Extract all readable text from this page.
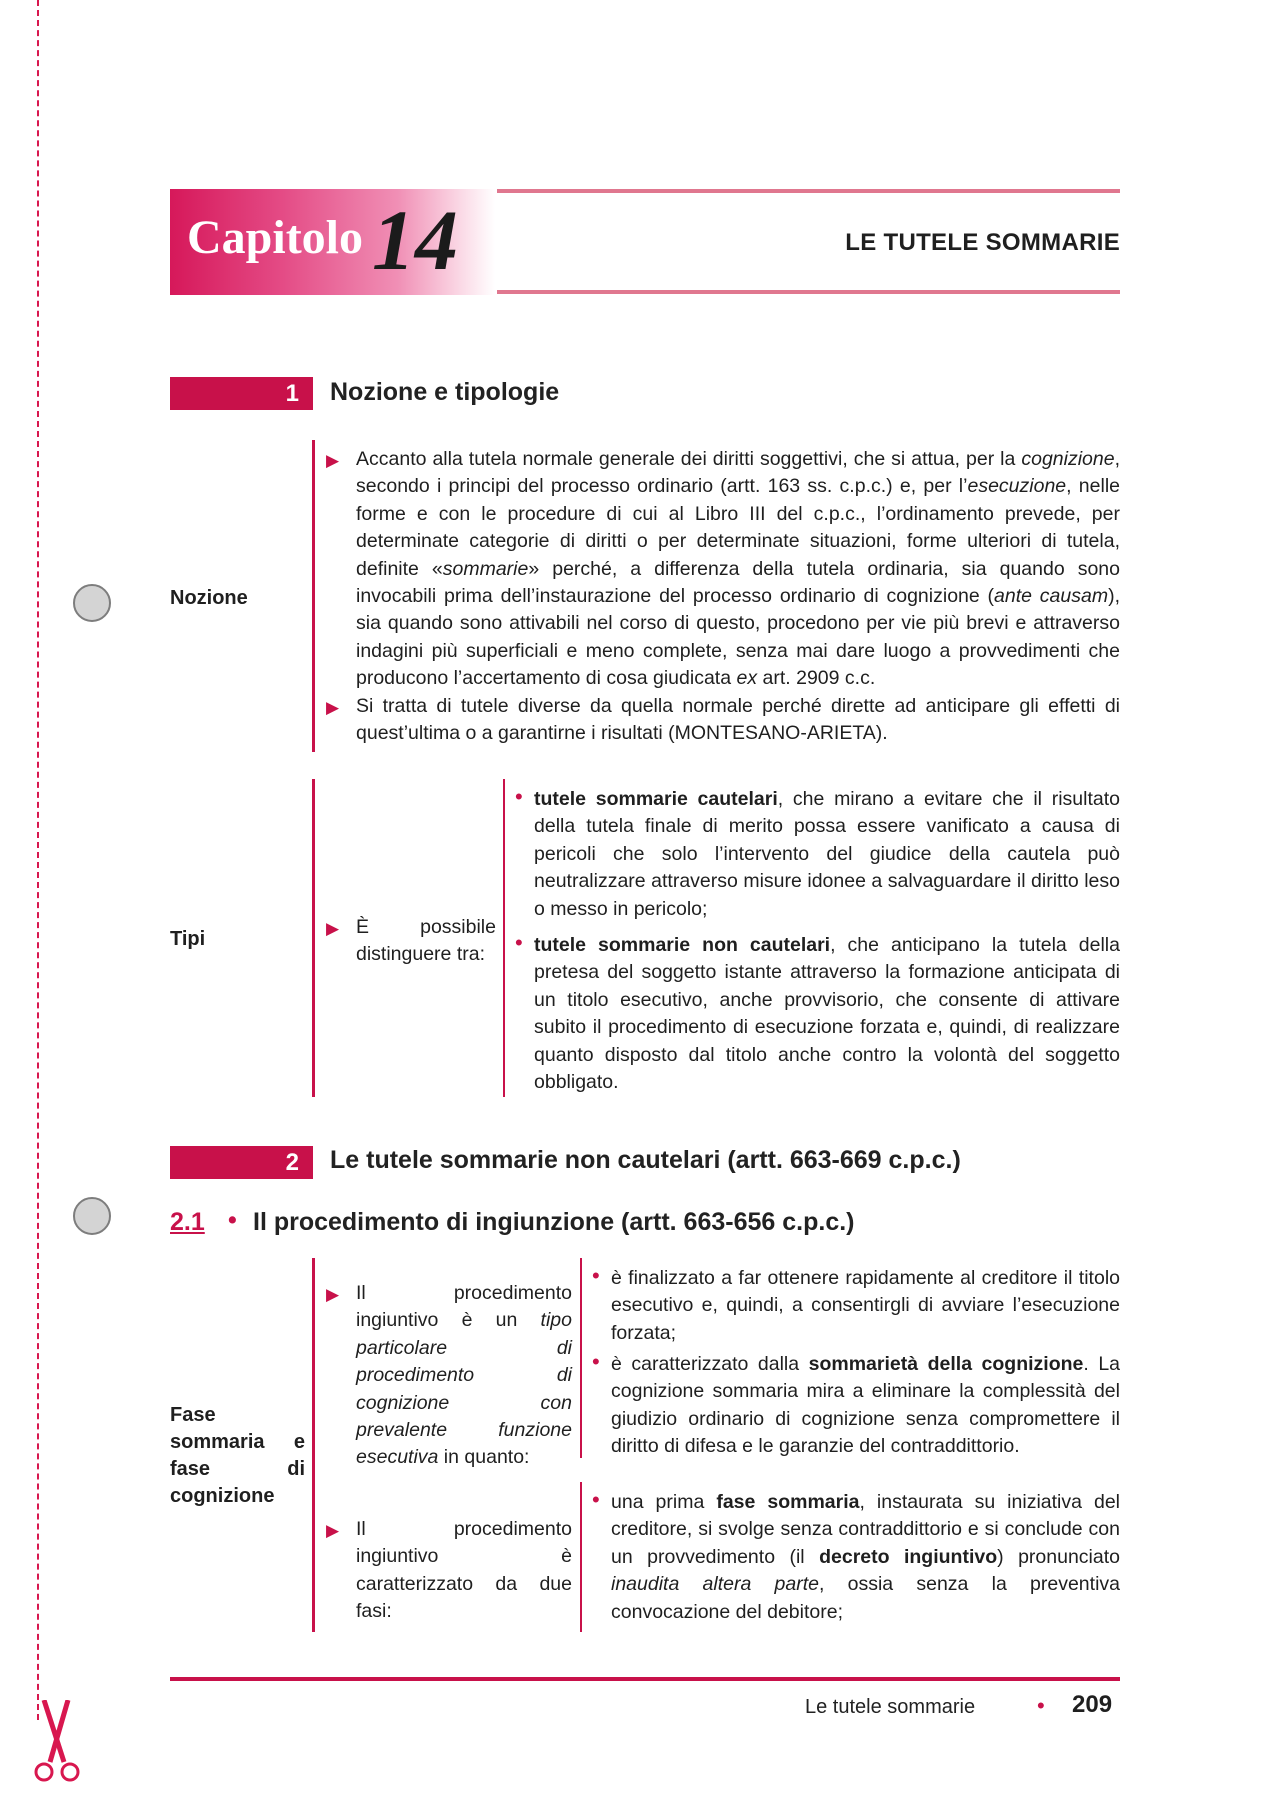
Capitolo 14	LE TUTELE SOMMARIE
1	Nozione e tipologie
Nozione
▶ Accanto alla tutela normale generale dei diritti soggettivi, che si attua, per la cognizione, secondo i principi del processo ordinario (artt. 163 ss. c.p.c.) e, per l’esecuzione, nelle forme e con le procedure di cui al Libro III del c.p.c., l’ordinamento prevede, per determinate categorie di diritti o per determinate situazioni, forme ulteriori di tutela, definite «sommarie» perché, a differenza della tutela ordinaria, sia quando sono invocabili prima dell’instaurazione del processo ordinario di cognizione (ante causam), sia quando sono attivabili nel corso di questo, procedono per vie più brevi e attraverso indagini più superficiali e meno complete, senza mai dare luogo a provvedimenti che producono l’accertamento di cosa giudicata ex art. 2909 c.c.
▶ Si tratta di tutele diverse da quella normale perché dirette ad anticipare gli effetti di quest’ultima o a garantirne i risultati (MONTESANO-ARIETA).
Tipi	▶ È possibile distinguere tra:
• tutele sommarie cautelari, che mirano a evitare che il risultato della tutela finale di merito possa essere vanificato a causa di pericoli che solo l’intervento del giudice della cautela può neutralizzare attraverso misure idonee a salvaguardare il diritto leso o messo in pericolo;
• tutele sommarie non cautelari, che anticipano la tutela della pretesa del soggetto istante attraverso la formazione anticipata di un titolo esecutivo, anche provvisorio, che consente di attivare subito il procedimento di esecuzione forzata e, quindi, di realizzare quanto disposto dal titolo anche contro la volontà del soggetto obbligato.
2	Le tutele sommarie non cautelari (artt. 663-669 c.p.c.)
2.1 • Il procedimento di ingiunzione (artt. 663-656 c.p.c.)
Fase sommaria e fase di cognizione
▶ Il procedimento ingiuntivo è un tipo particolare di procedimento di cognizione con prevalente funzione esecutiva in quanto:
• è finalizzato a far ottenere rapidamente al creditore il titolo esecutivo e, quindi, a consentirgli di avviare l’esecuzione forzata;
• è caratterizzato dalla sommarietà della cognizione. La cognizione sommaria mira a eliminare la complessità del giudizio ordinario di cognizione senza compromettere il diritto di difesa e le garanzie del contraddittorio.
▶ Il procedimento ingiuntivo è caratterizzato da due fasi:
• una prima fase sommaria, instaurata su iniziativa del creditore, si svolge senza contraddittorio e si conclude con un provvedimento (il decreto ingiuntivo) pronunciato inaudita altera parte, ossia senza la preventiva convocazione del debitore;
Le tutele sommarie	• 209
